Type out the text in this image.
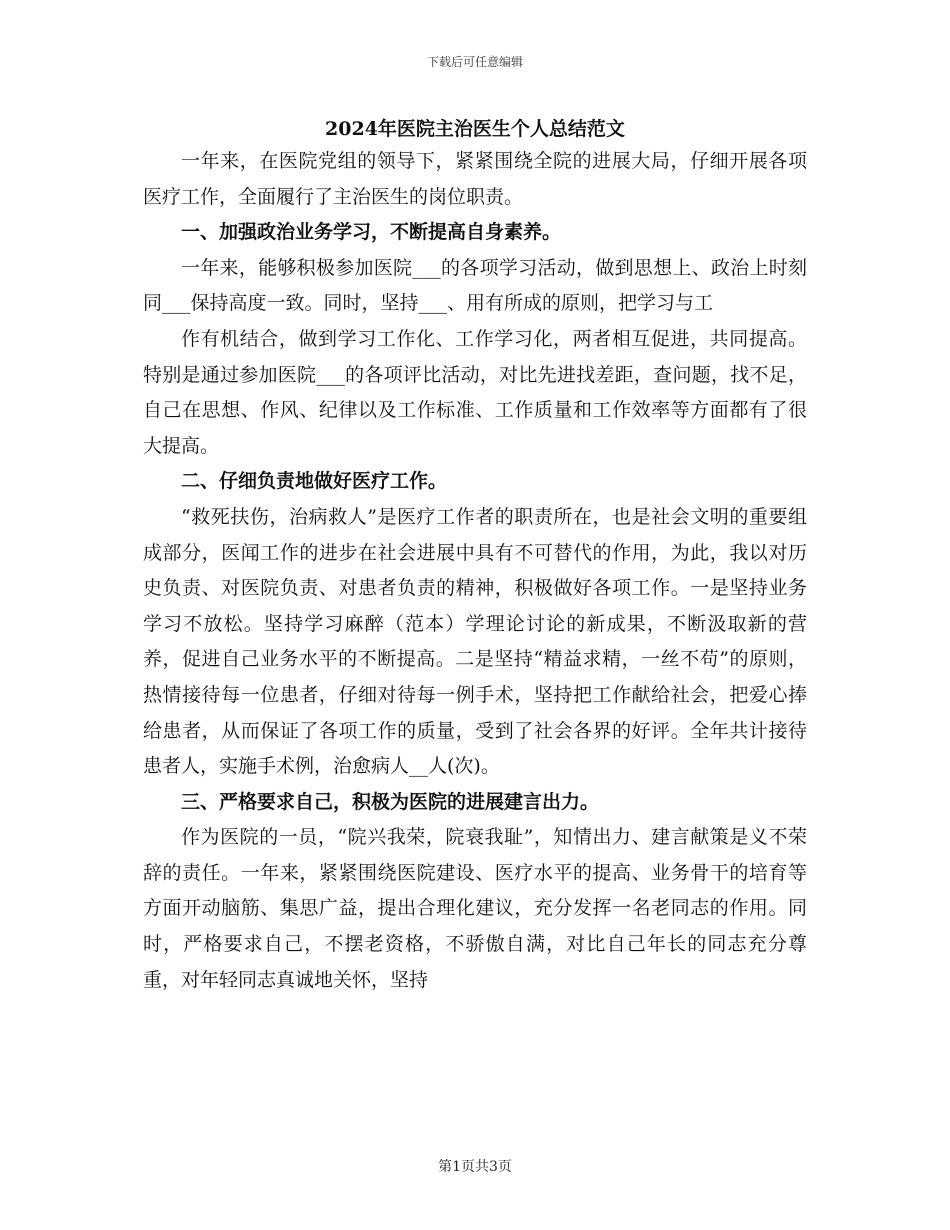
下载后可任意编辑
2024年医院主治医生个人总结范文

一年来，在医院党组的领导下，紧紧围绕全院的进展大局，仔细开展各项医疗工作，全面履行了主治医生的岗位职责。

一、加强政治业务学习，不断提高自身素养。

一年来，能够积极参加医院___的各项学习活动，做到思想上、政治上时刻同___保持高度一致。同时，坚持___、用有所成的原则，把学习与工

作有机结合，做到学习工作化、工作学习化，两者相互促进，共同提高。特别是通过参加医院___的各项评比活动，对比先进找差距，查问题，找不足，自己在思想、作风、纪律以及工作标准、工作质量和工作效率等方面都有了很大提高。

二、仔细负责地做好医疗工作。

“救死扶伤，治病救人”是医疗工作者的职责所在，也是社会文明的重要组成部分，医闻工作的进步在社会进展中具有不可替代的作用，为此，我以对历史负责、对医院负责、对患者负责的精神，积极做好各项工作。一是坚持业务学习不放松。坚持学习麻醉（范本）学理论讨论的新成果，不断汲取新的营养，促进自己业务水平的不断提高。二是坚持“精益求精，一丝不苟”的原则，热情接待每一位患者，仔细对待每一例手术，坚持把工作献给社会，把爱心捧给患者，从而保证了各项工作的质量，受到了社会各界的好评。全年共计接待患者人，实施手术例，治愈病人__人(次)。

三、严格要求自己，积极为医院的进展建言出力。

作为医院的一员，“院兴我荣，院衰我耻”，知情出力、建言献策是义不荣辞的责任。一年来，紧紧围绕医院建设、医疗水平的提高、业务骨干的培育等方面开动脑筋、集思广益，提出合理化建议，充分发挥一名老同志的作用。同时，严格要求自己，不摆老资格，不骄傲自满，对比自己年长的同志充分尊重，对年轻同志真诚地关怀，坚持

第1页共3页
